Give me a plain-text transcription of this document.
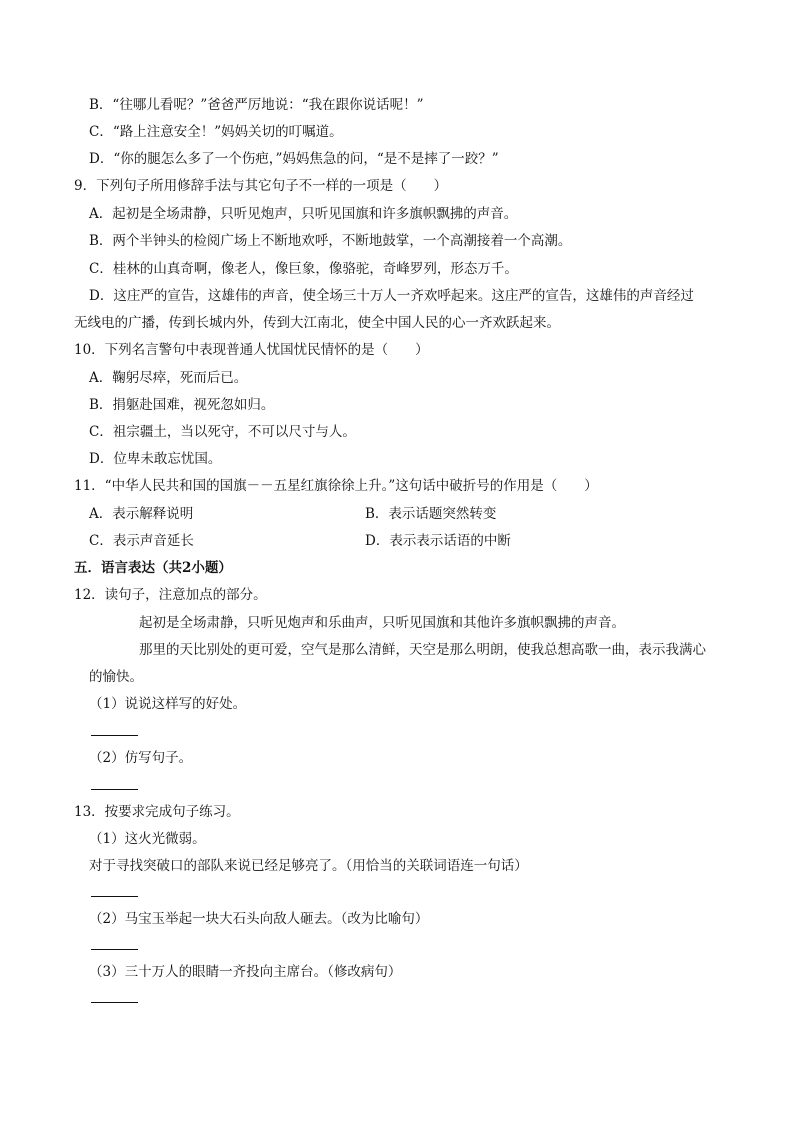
B．“往哪儿看呢？”爸爸严厉地说：“我在跟你说话呢！”
C．“路上注意安全！”妈妈关切的叮嘱道。
D．“你的腿怎么多了一个伤疤，”妈妈焦急的问，“是不是摔了一跤？”
9．下列句子所用修辞手法与其它句子不一样的一项是（　　）
A．起初是全场肃静，只听见炮声，只听见国旗和许多旗帜飘拂的声音。
B．两个半钟头的检阅广场上不断地欢呼，不断地鼓掌，一个高潮接着一个高潮。
C．桂林的山真奇啊，像老人，像巨象，像骆驼，奇峰罗列，形态万千。
D．这庄严的宣告，这雄伟的声音，使全场三十万人一齐欢呼起来。这庄严的宣告，这雄伟的声音经过
无线电的广播，传到长城内外，传到大江南北，使全中国人民的心一齐欢跃起来。
10．下列名言警句中表现普通人忧国忧民情怀的是（　　）
A．鞠躬尽瘁，死而后已。
B．捐躯赴国难，视死忽如归。
C．祖宗疆土，当以死守，不可以尺寸与人。
D．位卑未敢忘忧国。
11．“中华人民共和国的国旗－－五星红旗徐徐上升。”这句话中破折号的作用是（　　）
A．表示解释说明	B．表示话题突然转变
C．表示声音延长	D．表示表示话语的中断
五．语言表达（共2小题）
12．读句子，注意加点的部分。
起初是全场肃静，只听见炮声和乐曲声，只听见国旗和其他许多旗帜飘拂的声音。
那里的天比别处的更可爱，空气是那么清鲜，天空是那么明朗，使我总想高歌一曲，表示我满心
的愉快。
（1）说说这样写的好处。
（2）仿写句子。
13．按要求完成句子练习。
（1）这火光微弱。
对于寻找突破口的部队来说已经足够亮了。（用恰当的关联词语连一句话）
（2）马宝玉举起一块大石头向敌人砸去。（改为比喻句）
（3）三十万人的眼睛一齐投向主席台。（修改病句）
